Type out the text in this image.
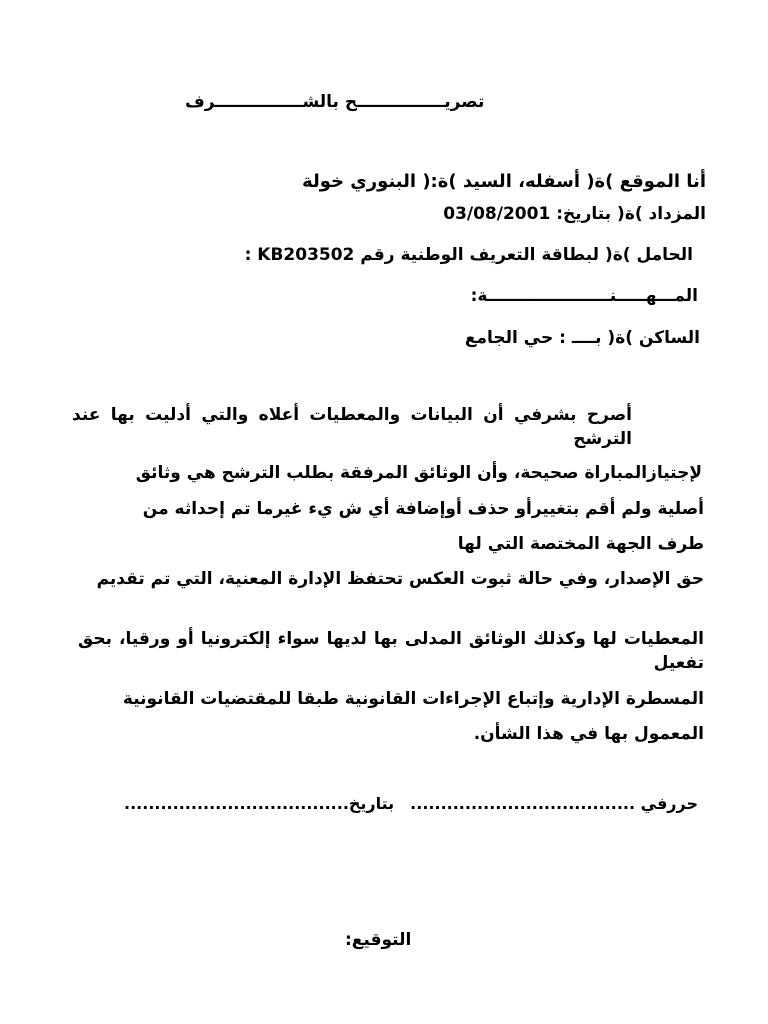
تصريـــــــــــــــح بالشـــــــــــــــرف
أنا الموقع )ة( أسفله، السيد )ة:( البنوري خولة
المزداد )ة( بتاريخ: 03/08/2001
الحامل )ة( لبطاقة التعريف الوطنية رقم KB203502 :
المـــهـــــنـــــــــــــــــــــة:
الساكن )ة( بــــ : حي الجامع
أصرح بشرفي أن البيانات والمعطيات أعلاه والتي أدليت بها عند الترشح
لإجتيازالمباراة صحيحة، وأن الوثائق المرفقة بطلب الترشح هي وثائق
أصلية ولم أقم بتغييرأو حذف أوإضافة أي ش يء غيرما تم إحداثه من
طرف الجهة المختصة التي لها
حق الإصدار، وفي حالة ثبوت العكس تحتفظ الإدارة المعنية، التي تم تقديم
المعطيات لها وكذلك الوثائق المدلى بها لديها سواء إلكترونيا أو ورقيا، بحق تفعيل
المسطرة الإدارية وإتباع الإجراءات القانونية طبقا للمقتضيات القانونية
المعمول بها في هذا الشأن.
حررفي .....................................
بتاريخ.....................................
التوقيع:
